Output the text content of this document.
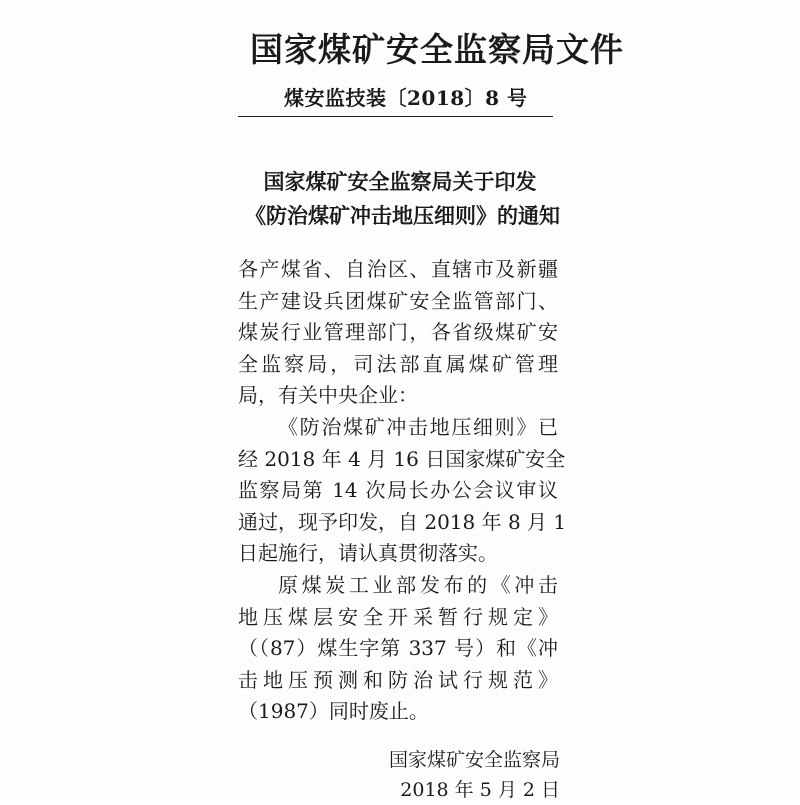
国家煤矿安全监察局文件
煤安监技装〔2018〕8 号
国家煤矿安全监察局关于印发
《防治煤矿冲击地压细则》的通知
各产煤省、自治区、直辖市及新疆
生产建设兵团煤矿安全监管部门、
煤炭行业管理部门，各省级煤矿安
全监察局，司法部直属煤矿管理
局，有关中央企业：
《防治煤矿冲击地压细则》已
经 2018 年 4 月 16 日国家煤矿安全
监察局第 14 次局长办公会议审议
通过，现予印发，自 2018 年 8 月 1
日起施行，请认真贯彻落实。
原煤炭工业部发布的《冲击
地压煤层安全开采暂行规定》
（（87）煤生字第 337 号）和《冲
击地压预测和防治试行规范》
（1987）同时废止。
国家煤矿安全监察局
2018 年 5 月 2 日
